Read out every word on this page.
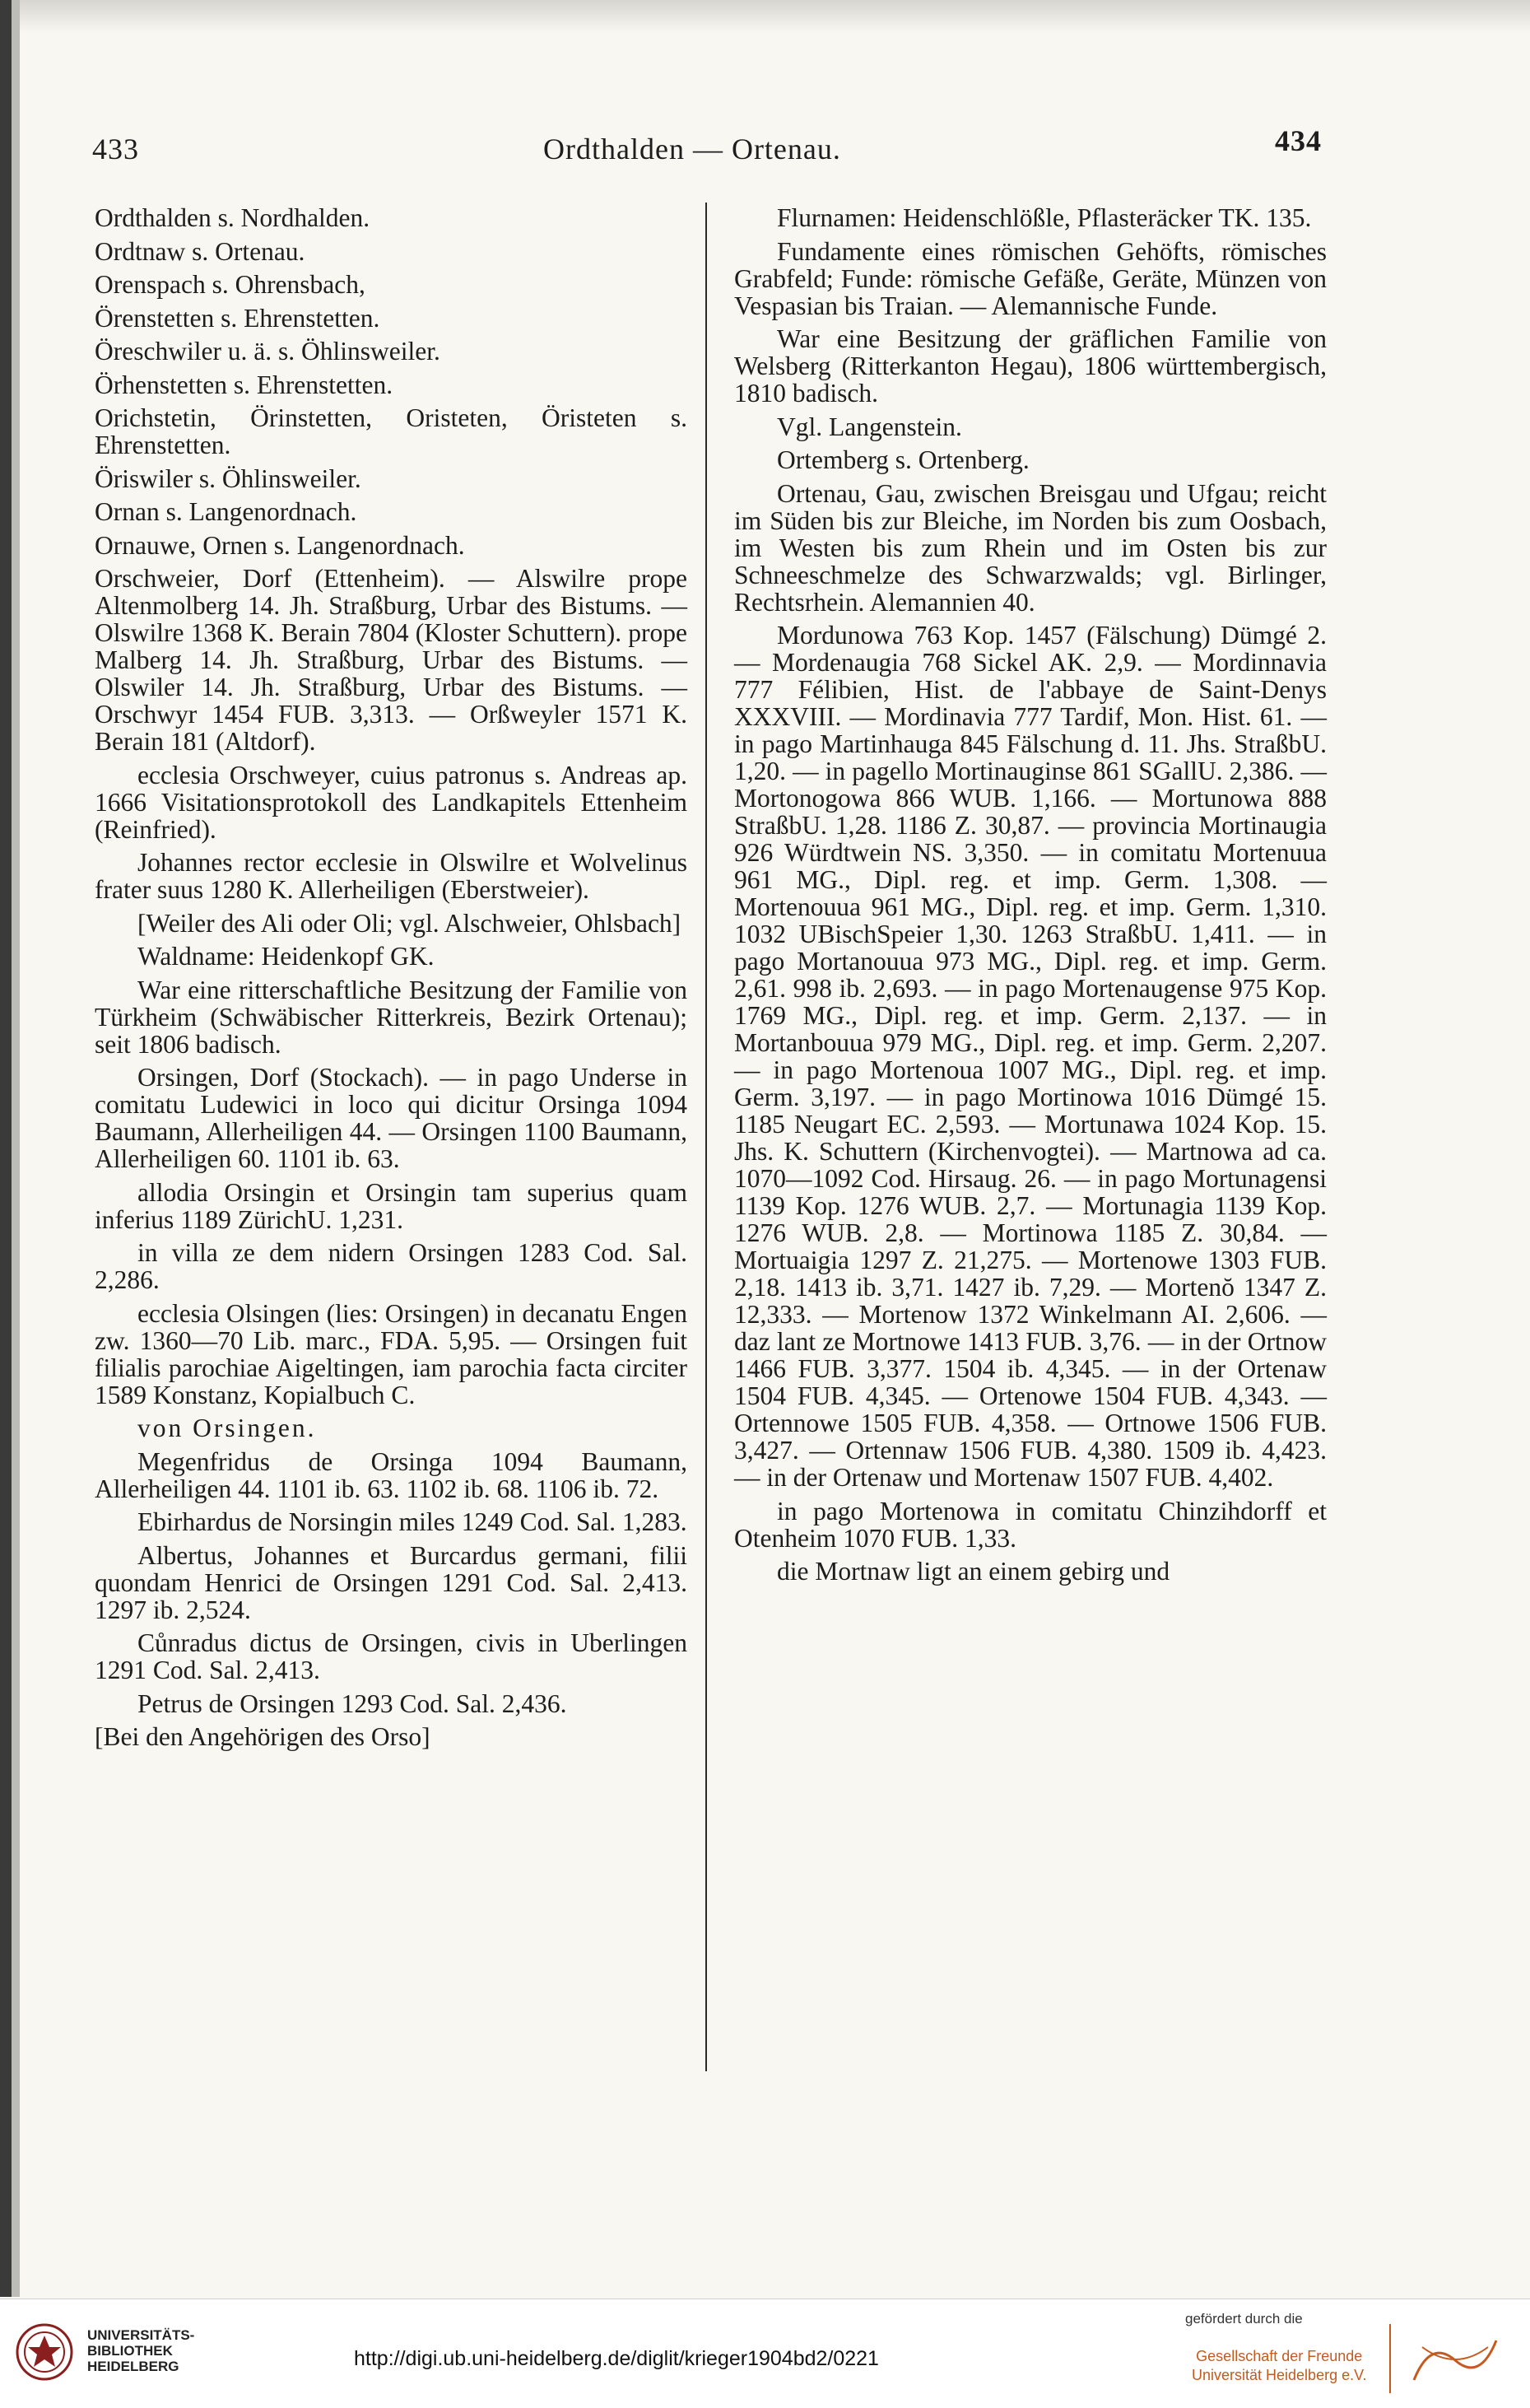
433	Ordthalden — Ortenau.	434

Ordthalden s. Nordhalden.

Ordtnaw s. Ortenau.

Orenspach s. Ohrensbach,

Örenstetten s. Ehrenstetten.

Öreschwiler u. ä. s. Öhlinsweiler.

Örhenstetten s. Ehrenstetten.

Orichstetin, Örinstetten, Oristeten, Öristeten s. Ehrenstetten.

Öriswiler s. Öhlinsweiler.

Ornan s. Langenordnach.

Ornauwe, Ornen s. Langenordnach.

Orschweier, Dorf (Ettenheim). — Alswilre prope Altenmolberg 14. Jh. Straßburg, Urbar des Bistums. — Olswilre 1368 K. Berain 7804 (Kloster Schuttern). prope Malberg 14. Jh. Straßburg, Urbar des Bistums. — Olswiler 14. Jh. Straßburg, Urbar des Bistums. — Orschwyr 1454 FUB. 3,313. — Orßweyler 1571 K. Berain 181 (Altdorf).

ecclesia Orschweyer, cuius patronus s. Andreas ap. 1666 Visitationsprotokoll des Landkapitels Ettenheim (Reinfried).

Johannes rector ecclesie in Olswilre et Wolvelinus frater suus 1280 K. Allerheiligen (Eberstweier).

[Weiler des Ali oder Oli; vgl. Alschweier, Ohlsbach]

Waldname: Heidenkopf GK.

War eine ritterschaftliche Besitzung der Familie von Türkheim (Schwäbischer Ritterkreis, Bezirk Ortenau); seit 1806 badisch.

Orsingen, Dorf (Stockach). — in pago Underse in comitatu Ludewici in loco qui dicitur Orsinga 1094 Baumann, Allerheiligen 44. — Orsingen 1100 Baumann, Allerheiligen 60. 1101 ib. 63.

allodia Orsingin et Orsingin tam superius quam inferius 1189 ZürichU. 1,231.

in villa ze dem nidern Orsingen 1283 Cod. Sal. 2,286.

ecclesia Olsingen (lies: Orsingen) in decanatu Engen zw. 1360—70 Lib. marc., FDA. 5,95. — Orsingen fuit filialis parochiae Aigeltingen, iam parochia facta circiter 1589 Konstanz, Kopialbuch C.

von Orsingen.

Megenfridus de Orsinga 1094 Baumann, Allerheiligen 44. 1101 ib. 63. 1102 ib. 68. 1106 ib. 72.

Ebirhardus de Norsingin miles 1249 Cod. Sal. 1,283.

Albertus, Johannes et Burcardus germani, filii quondam Henrici de Orsingen 1291 Cod. Sal. 2,413. 1297 ib. 2,524.

Cůnradus dictus de Orsingen, civis in Uberlingen 1291 Cod. Sal. 2,413.

Petrus de Orsingen 1293 Cod. Sal. 2,436.

[Bei den Angehörigen des Orso]

Flurnamen: Heidenschlößle, Pflasteräcker TK. 135.

Fundamente eines römischen Gehöfts, römisches Grabfeld; Funde: römische Gefäße, Geräte, Münzen von Vespasian bis Traian. — Alemannische Funde.

War eine Besitzung der gräflichen Familie von Welsberg (Ritterkanton Hegau), 1806 württembergisch, 1810 badisch.

Vgl. Langenstein.

Ortemberg s. Ortenberg.

Ortenau, Gau, zwischen Breisgau und Ufgau; reicht im Süden bis zur Bleiche, im Norden bis zum Oosbach, im Westen bis zum Rhein und im Osten bis zur Schneeschmelze des Schwarzwalds; vgl. Birlinger, Rechtsrhein. Alemannien 40.

Mordunowa 763 Kop. 1457 (Fälschung) Dümgé 2. — Mordenaugia 768 Sickel AK. 2,9. — Mordinnavia 777 Félibien, Hist. de l'abbaye de Saint-Denys XXXVIII. — Mordinavia 777 Tardif, Mon. Hist. 61. — in pago Martinhauga 845 Fälschung d. 11. Jhs. StraßbU. 1,20. — in pagello Mortinauginse 861 SGallU. 2,386. — Mortonogowa 866 WUB. 1,166. — Mortunowa 888 StraßbU. 1,28. 1186 Z. 30,87. — provincia Mortinaugia 926 Würdtwein NS. 3,350. — in comitatu Mortenuua 961 MG., Dipl. reg. et imp. Germ. 1,308. — Mortenouua 961 MG., Dipl. reg. et imp. Germ. 1,310. 1032 UBischSpeier 1,30. 1263 StraßbU. 1,411. — in pago Mortanouua 973 MG., Dipl. reg. et imp. Germ. 2,61. 998 ib. 2,693. — in pago Mortenaugense 975 Kop. 1769 MG., Dipl. reg. et imp. Germ. 2,137. — in Mortanbouua 979 MG., Dipl. reg. et imp. Germ. 2,207. — in pago Mortenoua 1007 MG., Dipl. reg. et imp. Germ. 3,197. — in pago Mortinowa 1016 Dümgé 15. 1185 Neugart EC. 2,593. — Mortunawa 1024 Kop. 15. Jhs. K. Schuttern (Kirchenvogtei). — Martnowa ad ca. 1070—1092 Cod. Hirsaug. 26. — in pago Mortunagensi 1139 Kop. 1276 WUB. 2,7. — Mortunagia 1139 Kop. 1276 WUB. 2,8. — Mortinowa 1185 Z. 30,84. — Mortuaigia 1297 Z. 21,275. — Mortenowe 1303 FUB. 2,18. 1413 ib. 3,71. 1427 ib. 7,29. — Mortenŏ 1347 Z. 12,333. — Mortenow 1372 Winkelmann AI. 2,606. — daz lant ze Mortnowe 1413 FUB. 3,76. — in der Ortnow 1466 FUB. 3,377. 1504 ib. 4,345. — in der Ortenaw 1504 FUB. 4,345. — Ortenowe 1504 FUB. 4,343. — Ortennowe 1505 FUB. 4,358. — Ortnowe 1506 FUB. 3,427. — Ortennaw 1506 FUB. 4,380. 1509 ib. 4,423. — in der Ortenaw und Mortenaw 1507 FUB. 4,402.

in pago Mortenowa in comitatu Chinzihdorff et Otenheim 1070 FUB. 1,33.

die Mortnaw ligt an einem gebirg und

UNIVERSITÄTS-
BIBLIOTHEK
HEIDELBERG	http://digi.ub.uni-heidelberg.de/diglit/krieger1904bd2/0221
gefördert durch die
Gesellschaft der Freunde
Universität Heidelberg e.V.
